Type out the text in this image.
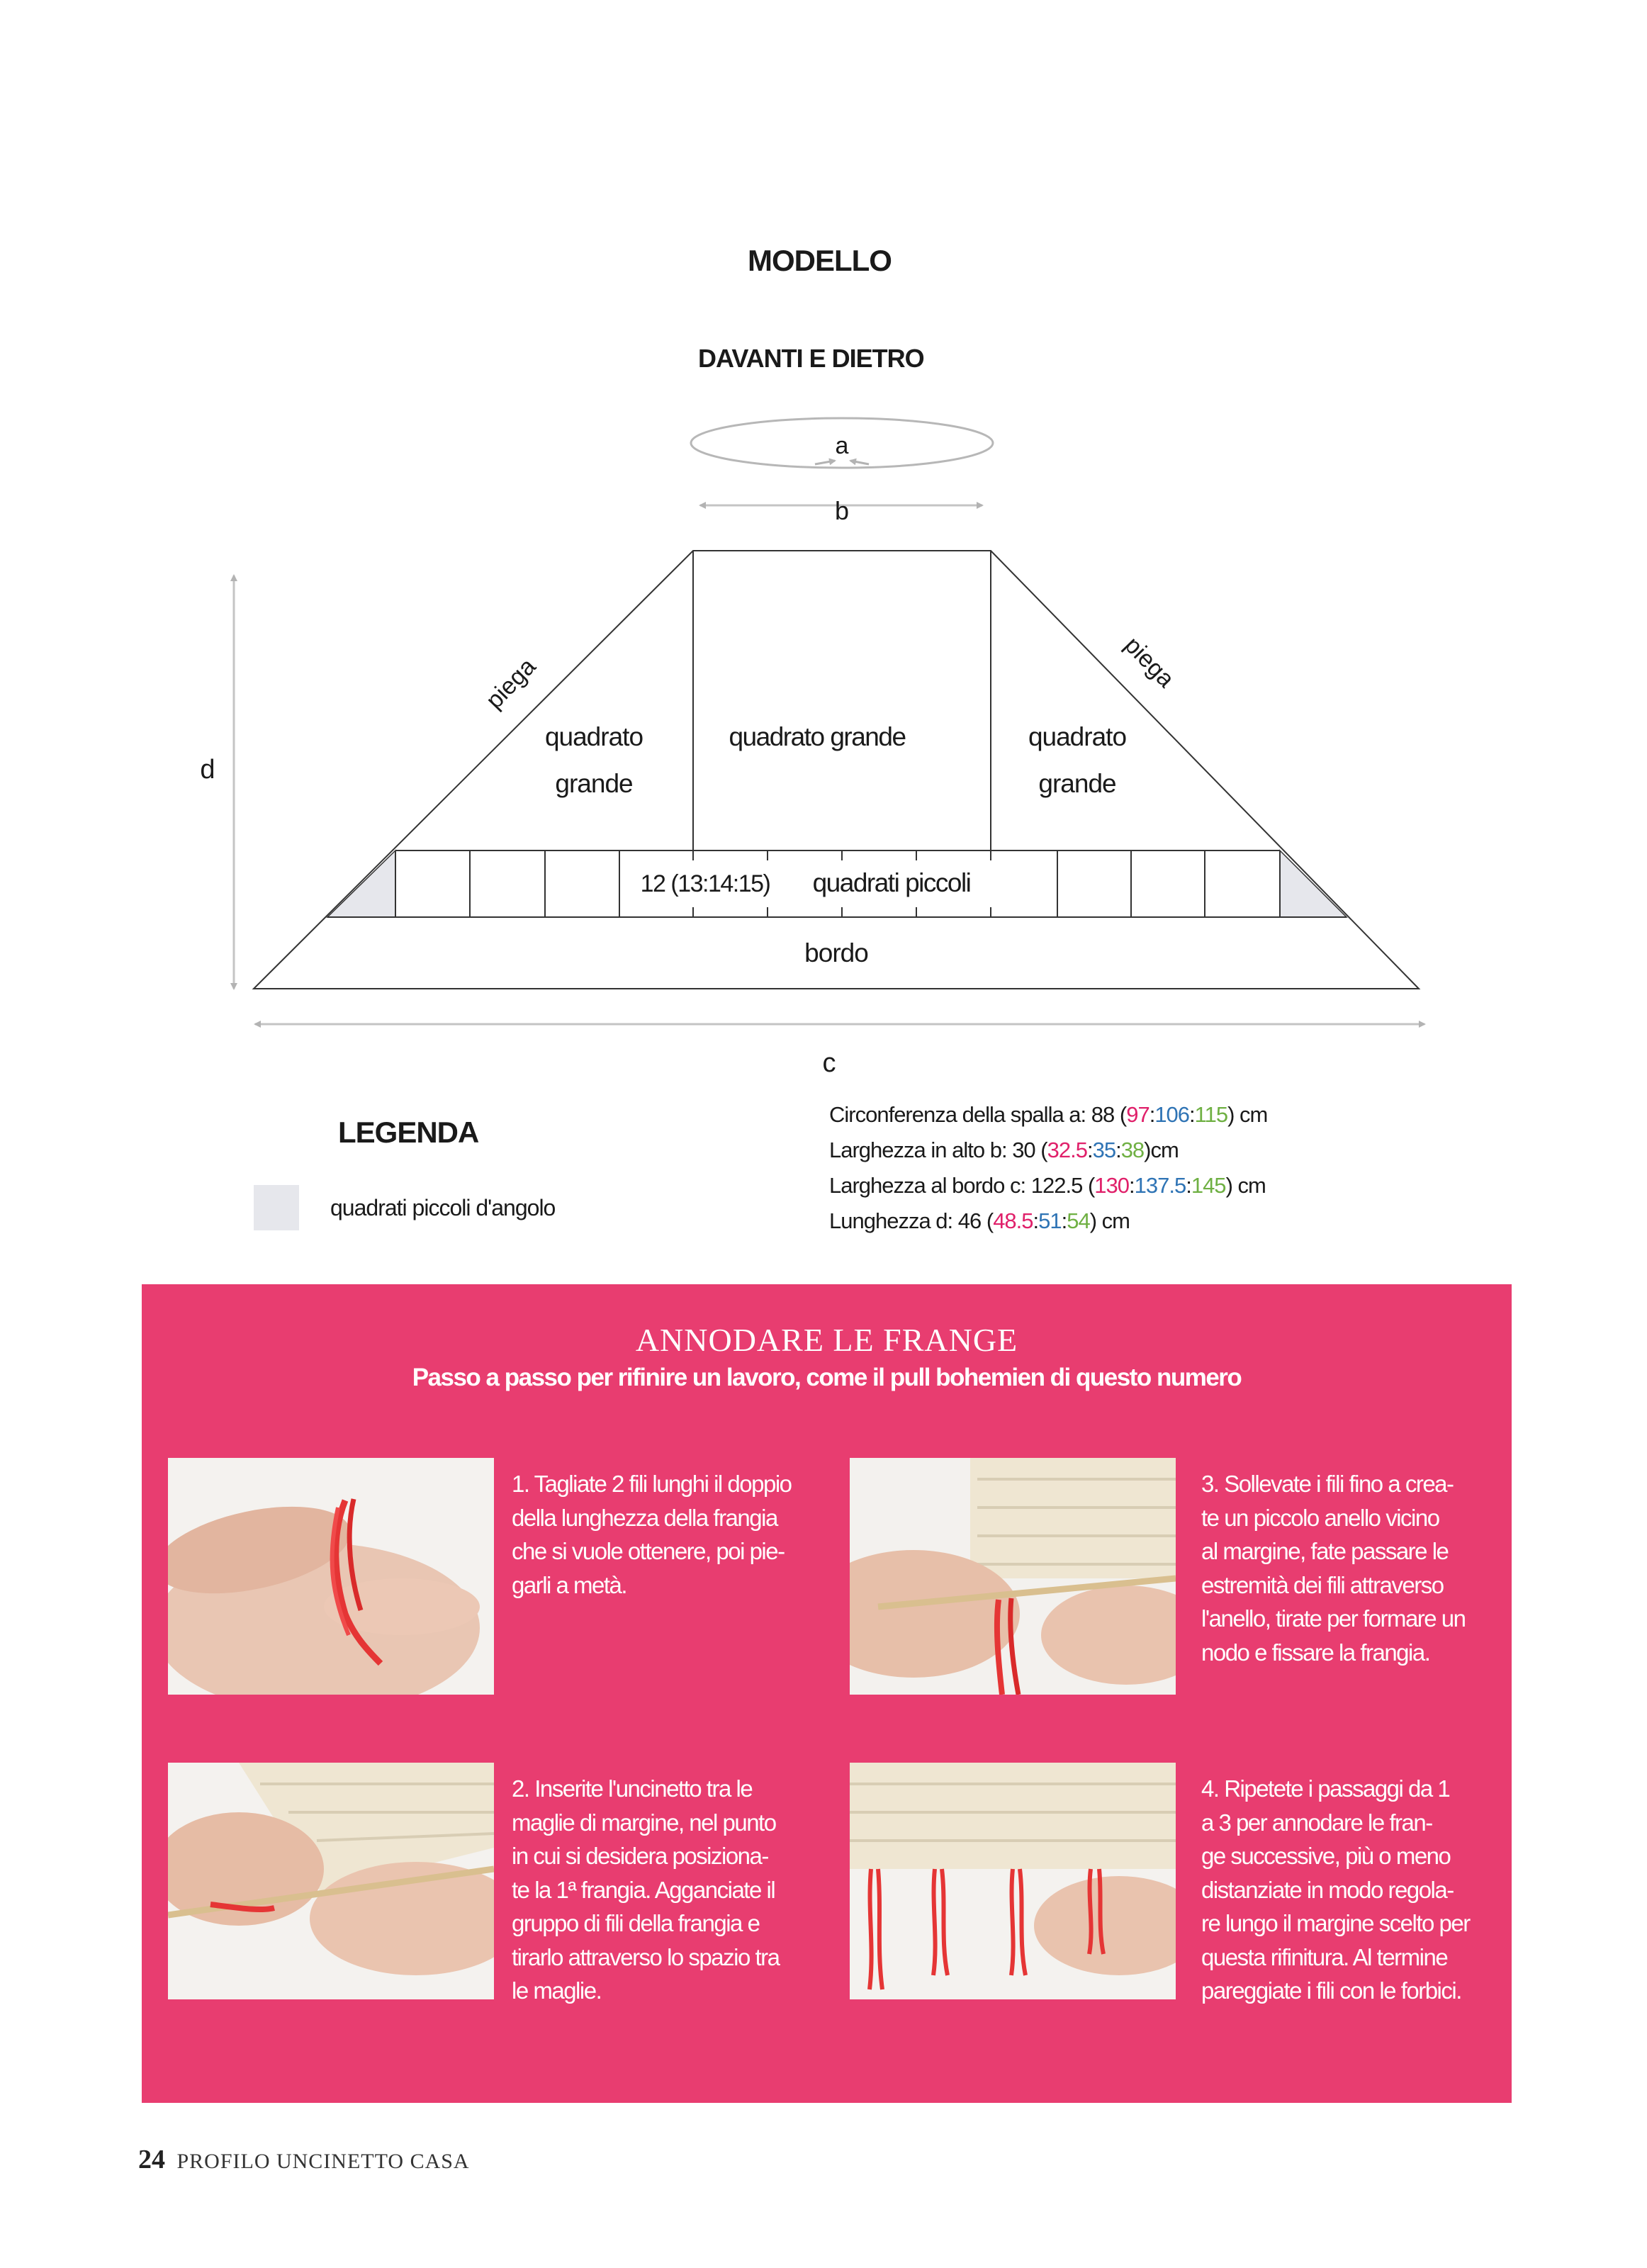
MODELLO
DAVANTI E DIETRO
a
b
d
c
piega	piega
quadrato
grande
quadrato grande	quadrato
grande
12 (13:14:15) quadrati piccoli
bordo
LEGENDA
quadrati piccoli d'angolo
Circonferenza della spalla a: 88 (97:106:115) cm
Larghezza in alto b: 30 (32.5:35:38)cm
Larghezza al bordo c: 122.5 (130:137.5:145) cm
Lunghezza d: 46 (48.5:51:54) cm
ANNODARE LE FRANGE
Passo a passo per rifinire un lavoro, come il pull bohemien di questo numero
1. Tagliate 2 fili lunghi il doppio
della lunghezza della frangia
che si vuole ottenere, poi pie-
garli a metà.
3. Sollevate i fili fino a crea-
te un piccolo anello vicino
al margine, fate passare le
estremità dei fili attraverso
l'anello, tirate per formare un
nodo e fissare la frangia.
2. Inserite l'uncinetto tra le
maglie di margine, nel punto
in cui si desidera posiziona-
te la 1ª frangia. Agganciate il
gruppo di fili della frangia e
tirarlo attraverso lo spazio tra
le maglie.
4. Ripetete i passaggi da 1
a 3 per annodare le fran-
ge successive, più o meno
distanziate in modo regola-
re lungo il margine scelto per
questa rifinitura. Al termine
pareggiate i fili con le forbici.
24 PROFILO UNCINETTO CASA
